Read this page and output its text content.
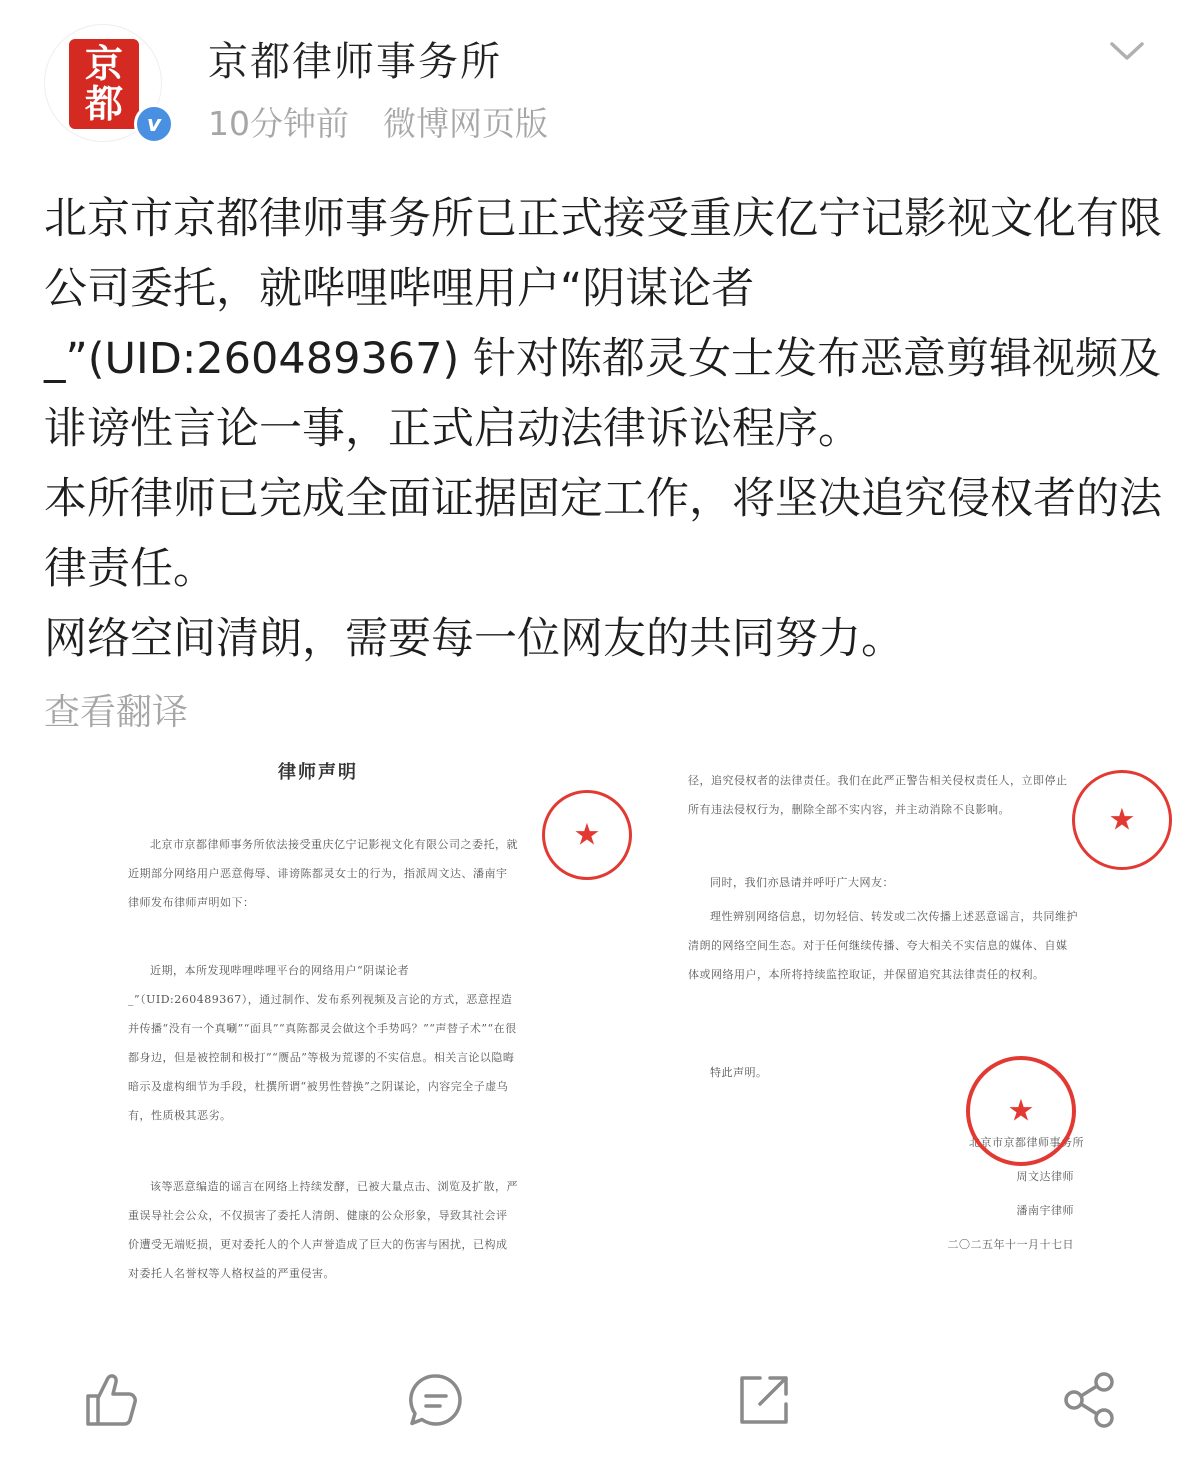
京
都	v
京都律师事务所
10分钟前 微博网页版

北京市京都律师事务所已正式接受重庆亿宁记影视文化有限公司委托，就哔哩哔哩用户“阴谋论者_”(UID:260489367) 针对陈都灵女士发布恶意剪辑视频及诽谤性言论一事，正式启动法律诉讼程序。

本所律师已完成全面证据固定工作，将坚决追究侵权者的法律责任。

网络空间清朗，需要每一位网友的共同努力。

查看翻译
律师声明
北京市京都律师事务所依法接受重庆亿宁记影视文化有限公司之委托，就近期部分网络用户恶意侮辱、诽谤陈都灵女士的行为，指派周文达、潘南宇律师发布律师声明如下：
近期，本所发现哔哩哔哩平台的网络用户“阴谋论者_”（UID:260489367），通过制作、发布系列视频及言论的方式，恶意捏造并传播“没有一个真唰”“面具”“真陈都灵会做这个手势吗？”“声替子术”“在很都身边，但是被控制和极打”“赝品”等极为荒谬的不实信息。相关言论以隐晦暗示及虚构细节为手段，杜撰所谓“被男性替换”之阴谋论，内容完全子虚乌有，性质极其恶劣。
该等恶意编造的谣言在网络上持续发酵，已被大量点击、浏览及扩散，严重误导社会公众，不仅损害了委托人清朗、健康的公众形象，导致其社会评价遭受无端贬损，更对委托人的个人声誉造成了巨大的伤害与困扰，已构成对委托人名誉权等人格权益的严重侵害。
★
径，追究侵权者的法律责任。我们在此严正警告相关侵权责任人，立即停止所有违法侵权行为，删除全部不实内容，并主动消除不良影响。
同时，我们亦恳请并呼吁广大网友：
理性辨别网络信息，切勿轻信、转发或二次传播上述恶意谣言，共同维护清朗的网络空间生态。对于任何继续传播、夸大相关不实信息的媒体、自媒体或网络用户，本所将持续监控取证，并保留追究其法律责任的权利。
特此声明。
北京市京都律师事务所
周文达律师
潘南宇律师
二〇二五年十一月十七日
★
★
